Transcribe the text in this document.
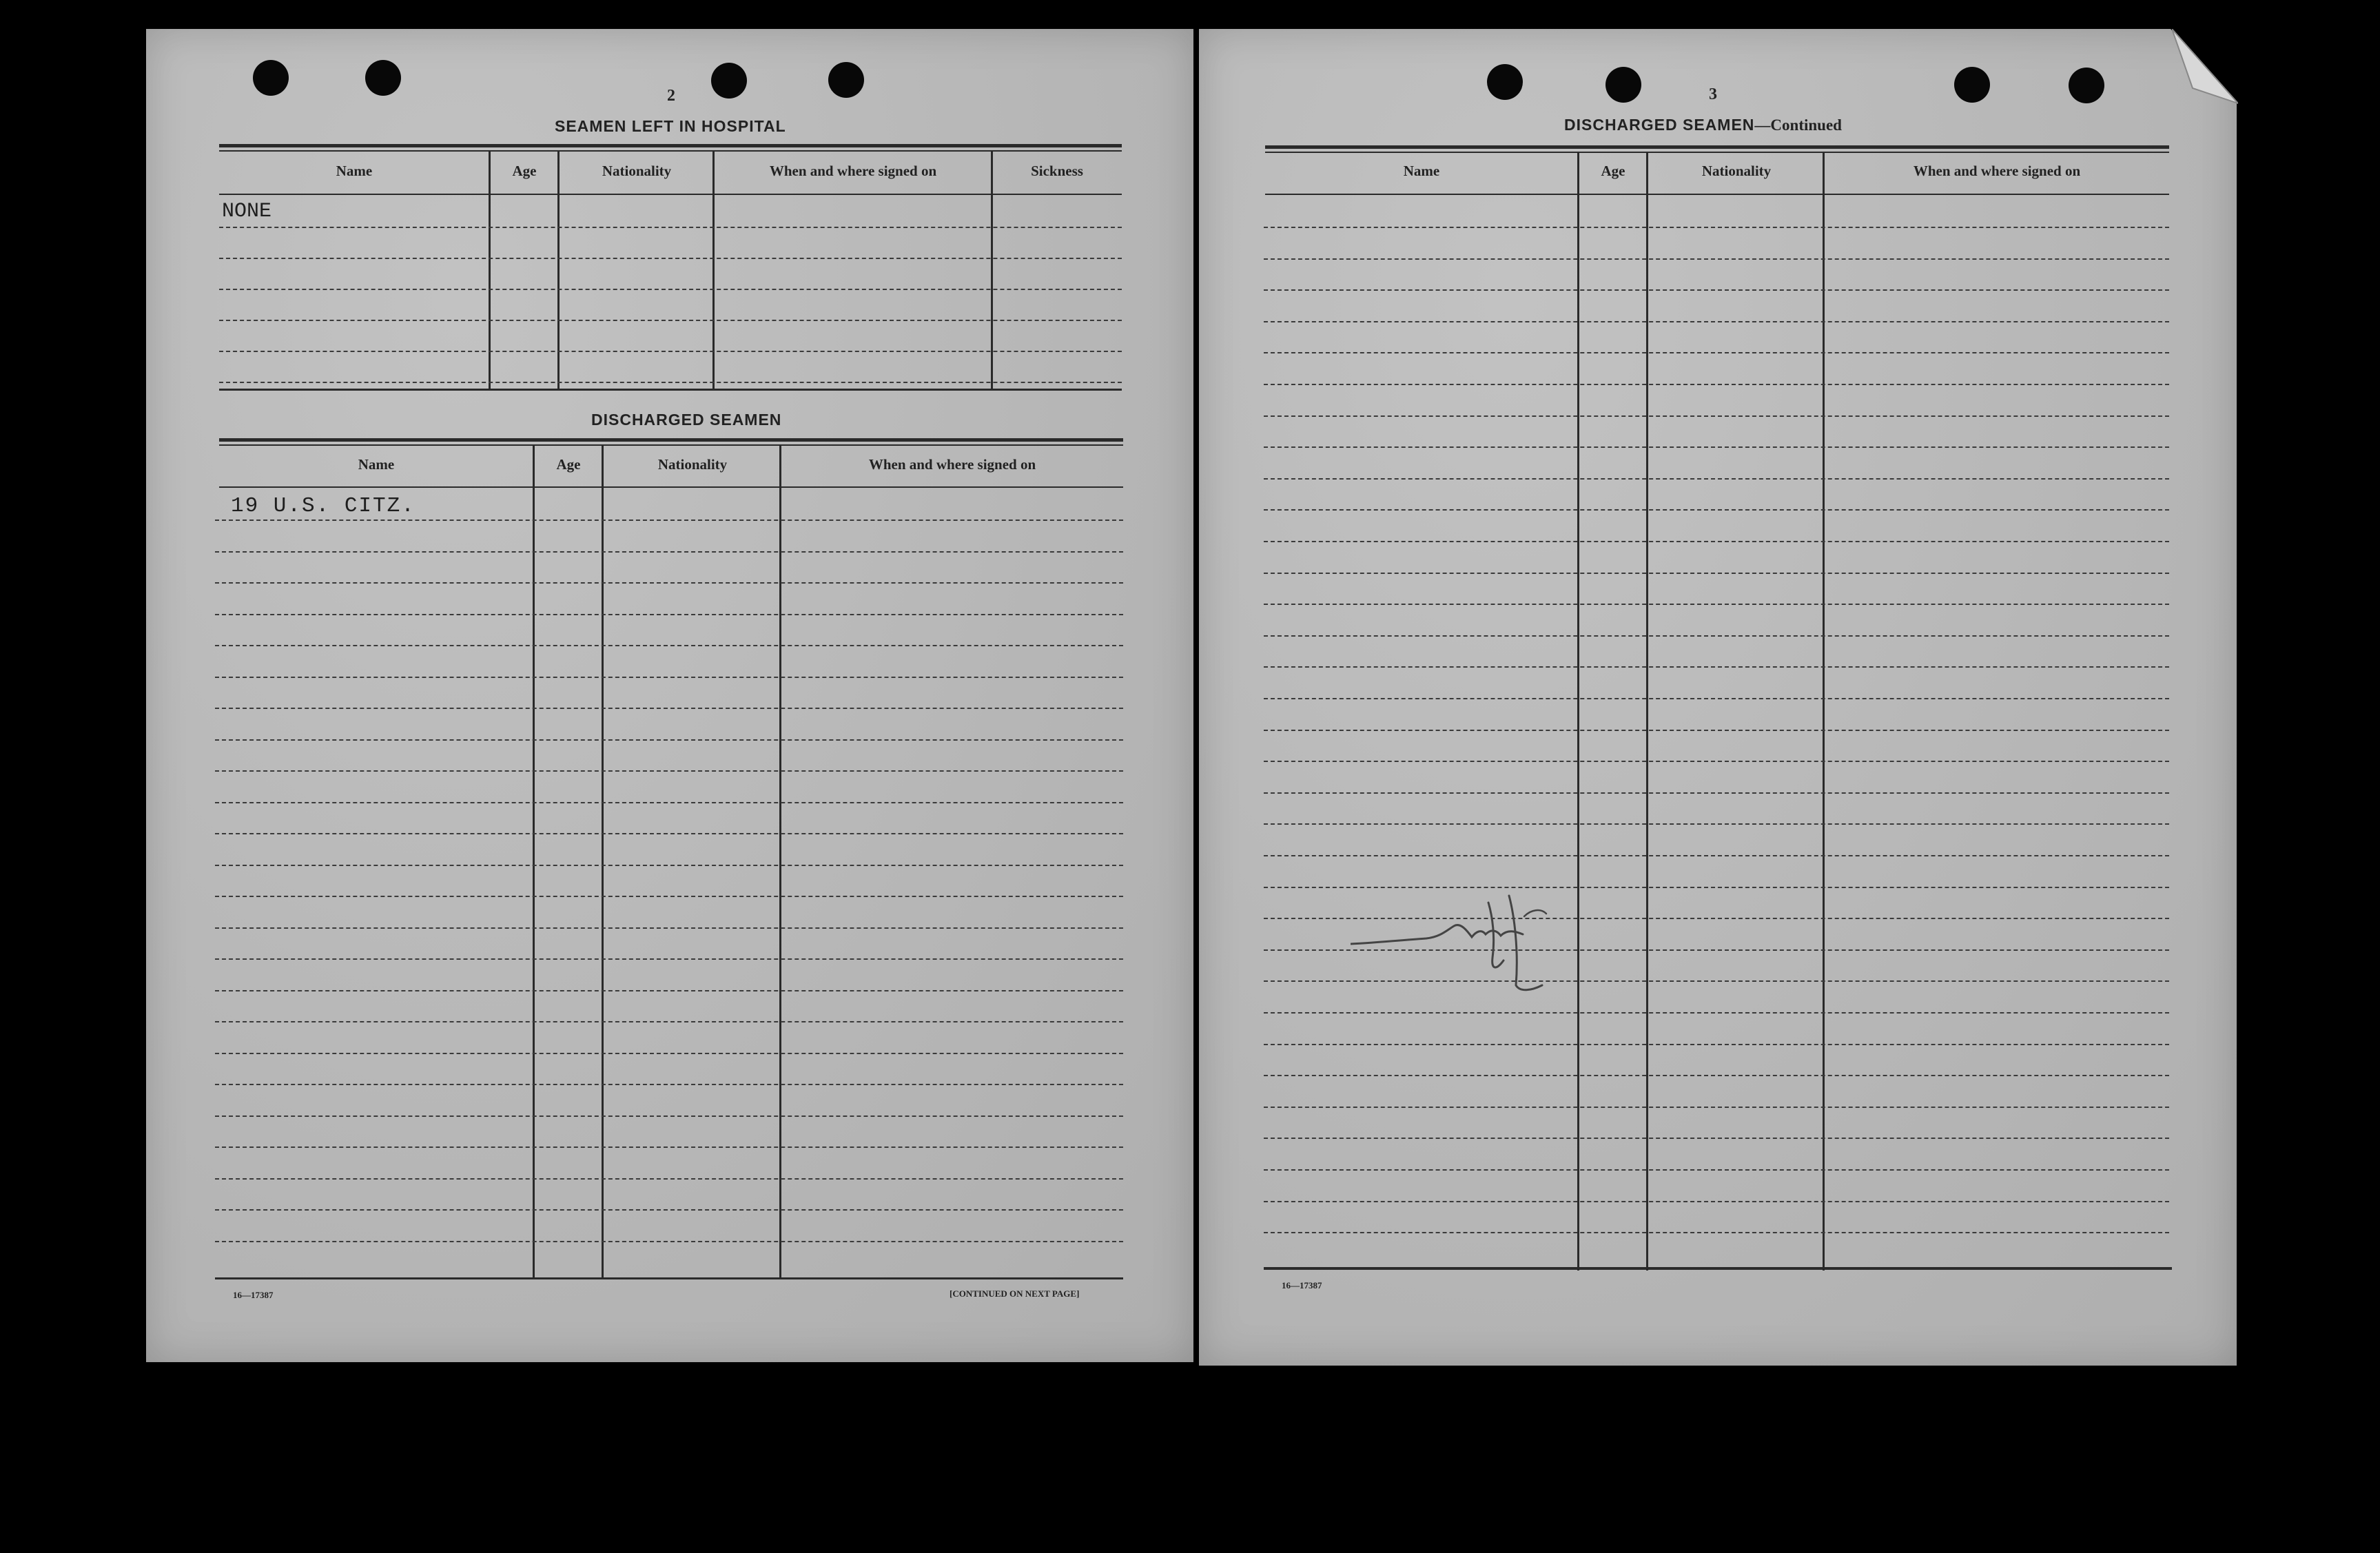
2
SEAMEN LEFT IN HOSPITAL
Name	Age	Nationality	When and where signed on	Sickness
NONE
DISCHARGED SEAMEN
Name	Age	Nationality	When and where signed on
19 U.S. CITZ.
16—17387	[CONTINUED ON NEXT PAGE]
3
DISCHARGED SEAMEN—Continued
Name	Age	Nationality	When and where signed on
16—17387
